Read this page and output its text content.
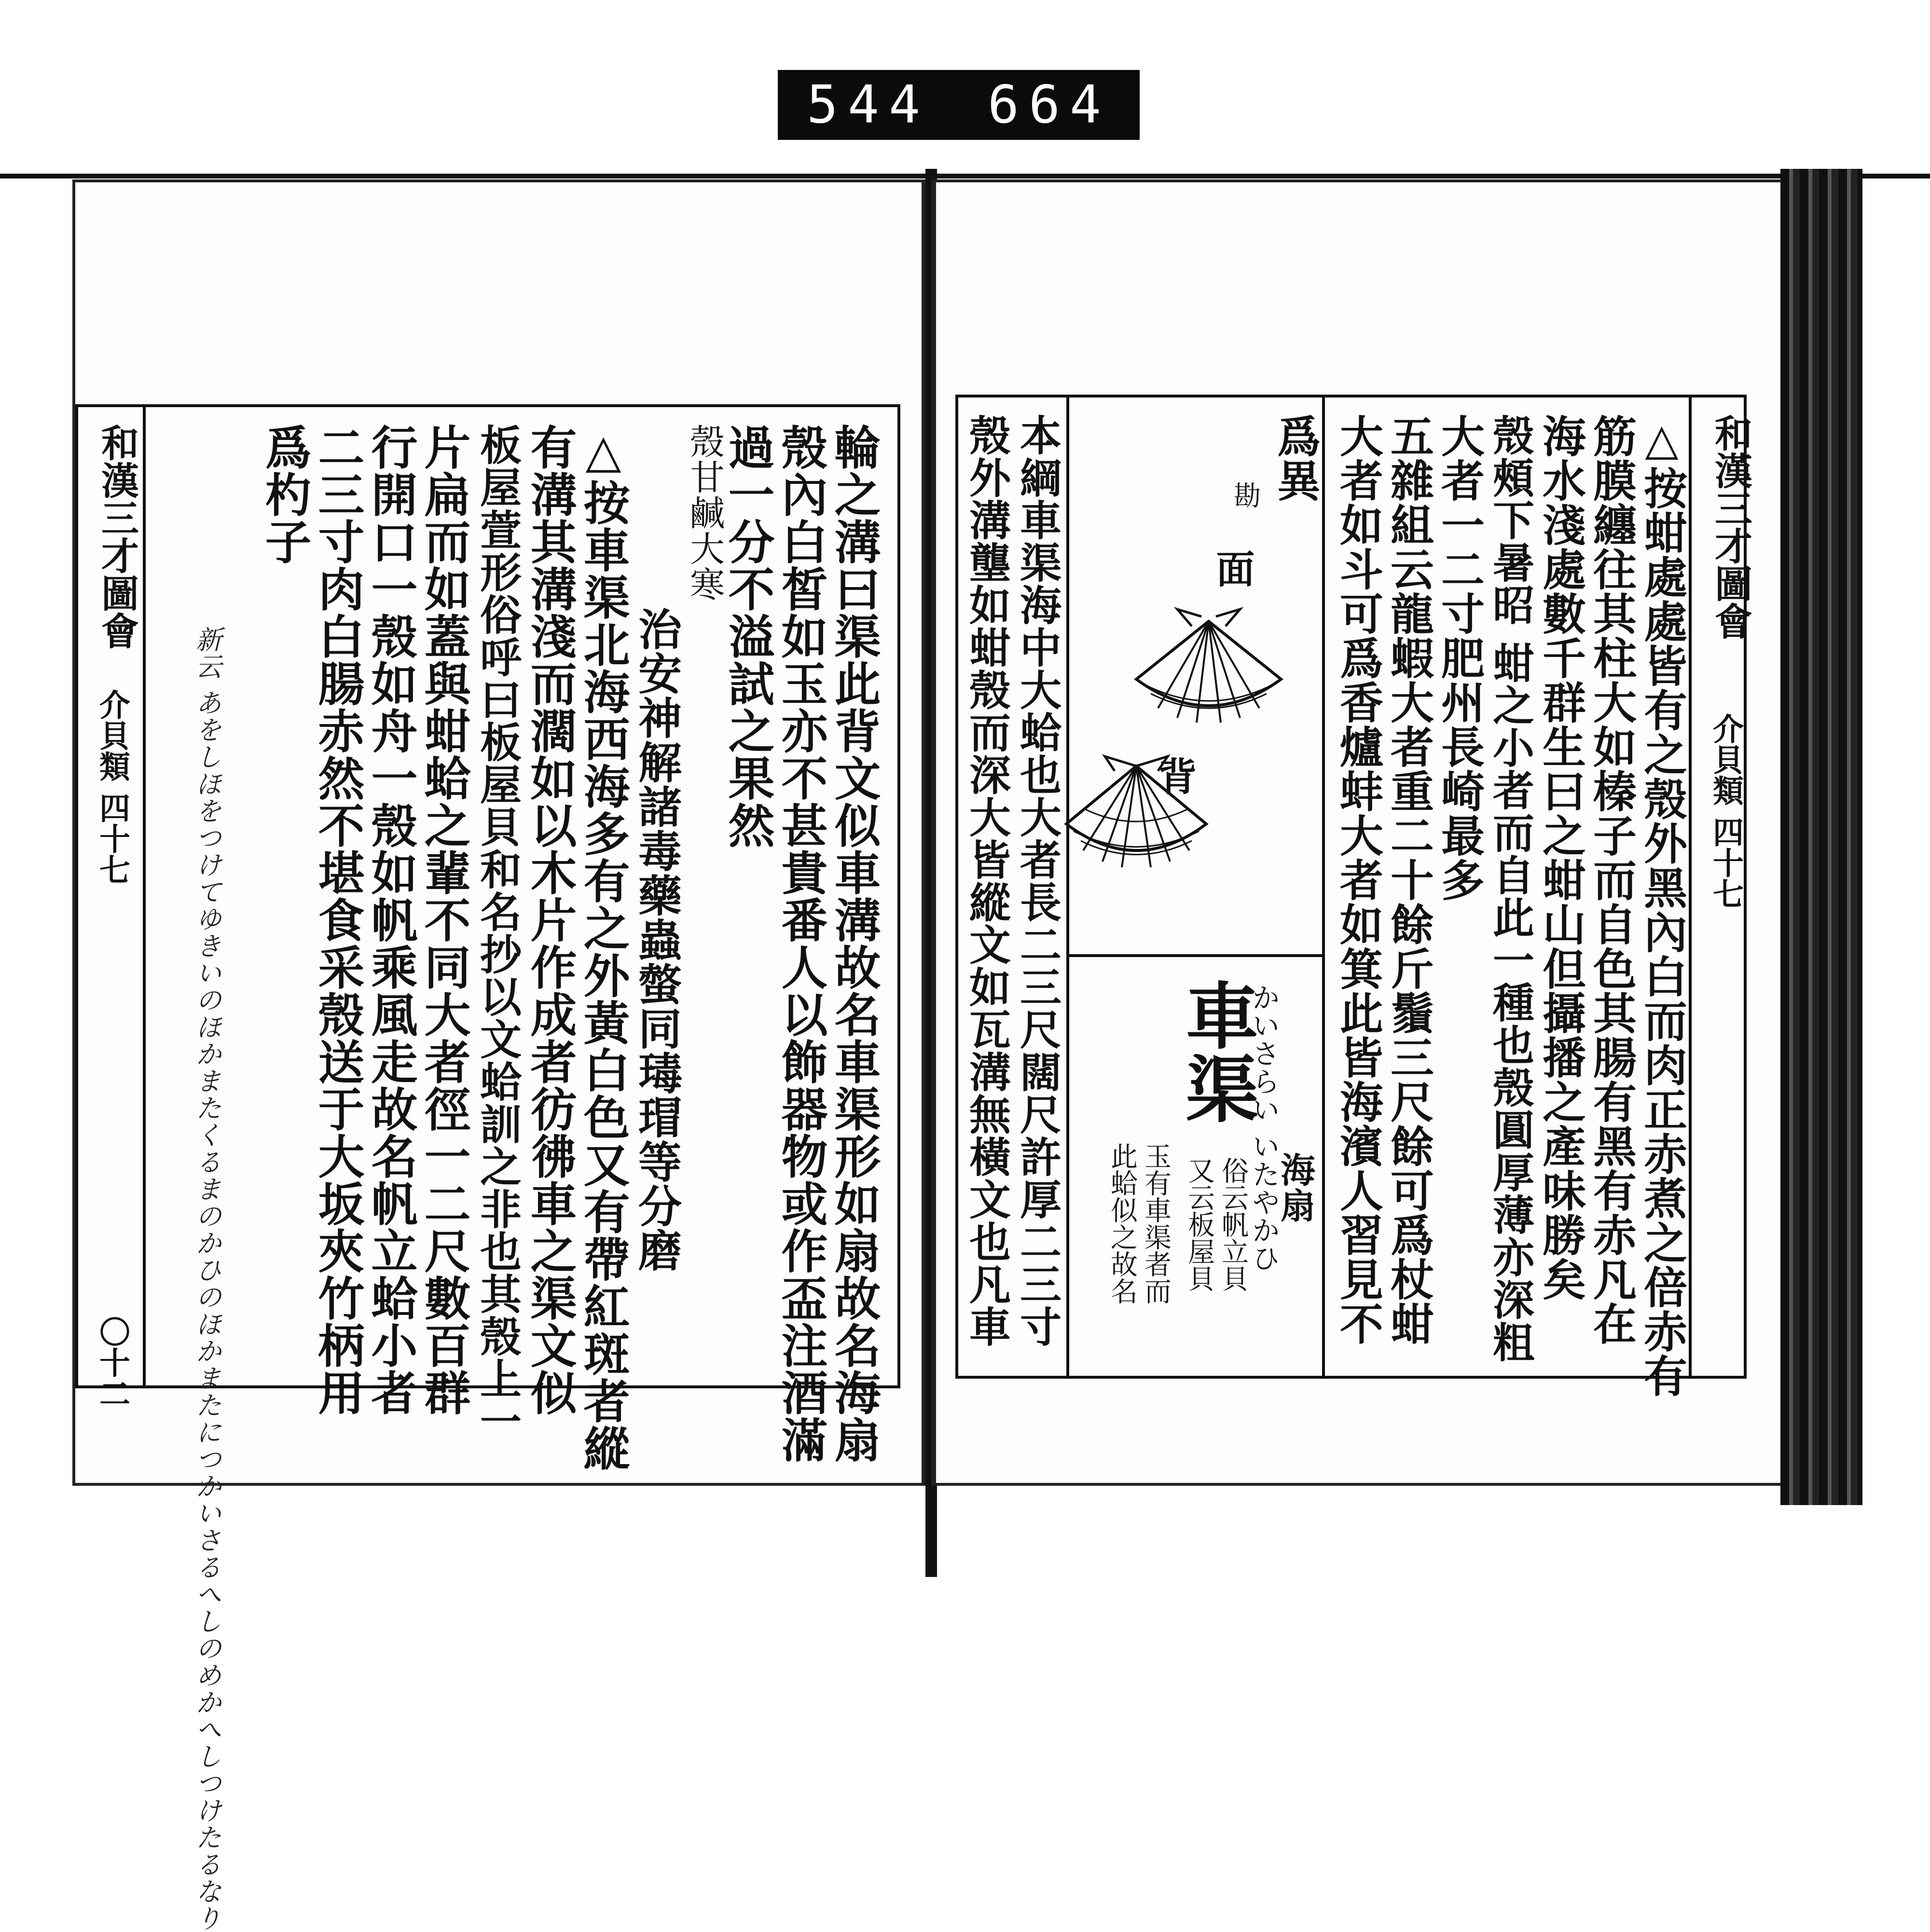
544 664
和漢三才圖會
介貝類 四十七
〇十二	輪之溝曰渠此背文似車溝故名車渠形如扇故名海扇
殼內白皙如玉亦不甚貴番人以飾器物或作盃注酒滿
過一分不溢試之果然
殼甘鹹大寒
治安神解諸毒藥蟲螫同瑇瑁等分磨
△按車渠北海西海多有之外黃白色又有帶紅斑者縱
有溝其溝淺而濶如以木片作成者彷彿車之渠文似
板屋萱形俗呼曰板屋貝和名抄以文蛤訓之非也其殼上一
片扁而如蓋與蚶蛤之輩不同大者徑一二尺數百群
行開口一殼如舟一殼如帆乘風走故名帆立蛤小者
二三寸肉白腸赤然不堪食采殼送于大坂夾竹柄用
爲杓子
新云 あをしほをつけてゆきいのほかまたくるまのかひのほかまたにつかいさるへしのめかへしつけたるなり
和漢三才圖會
介貝類 四十七
△按蚶處處皆有之殼外黑內白而肉正赤煮之倍赤有
筋膜纏往其柱大如榛子而自色其腸有黑有赤凡在
海水淺處數千群生曰之蚶山但攝播之產味勝矣
殼頰下暑昭 蚶之小者而自此一種也殼圓厚薄亦深粗
大者一二寸肥州長崎最多
五雜組云龍蝦大者重二十餘斤鬚三尺餘可爲杖蚶
大者如斗可爲香爐蚌大者如箕此皆海濱人習見不
爲異
勘
面
背
車渠
かいさらい いたやかひ
海扇
俗云帆立貝
又云板屋貝
玉有車渠者而
此蛤似之故名
本綱車渠海中大蛤也大者長二三尺闊尺許厚二三寸
殼外溝壟如蚶殼而深大皆縱文如瓦溝無橫文也凡車
